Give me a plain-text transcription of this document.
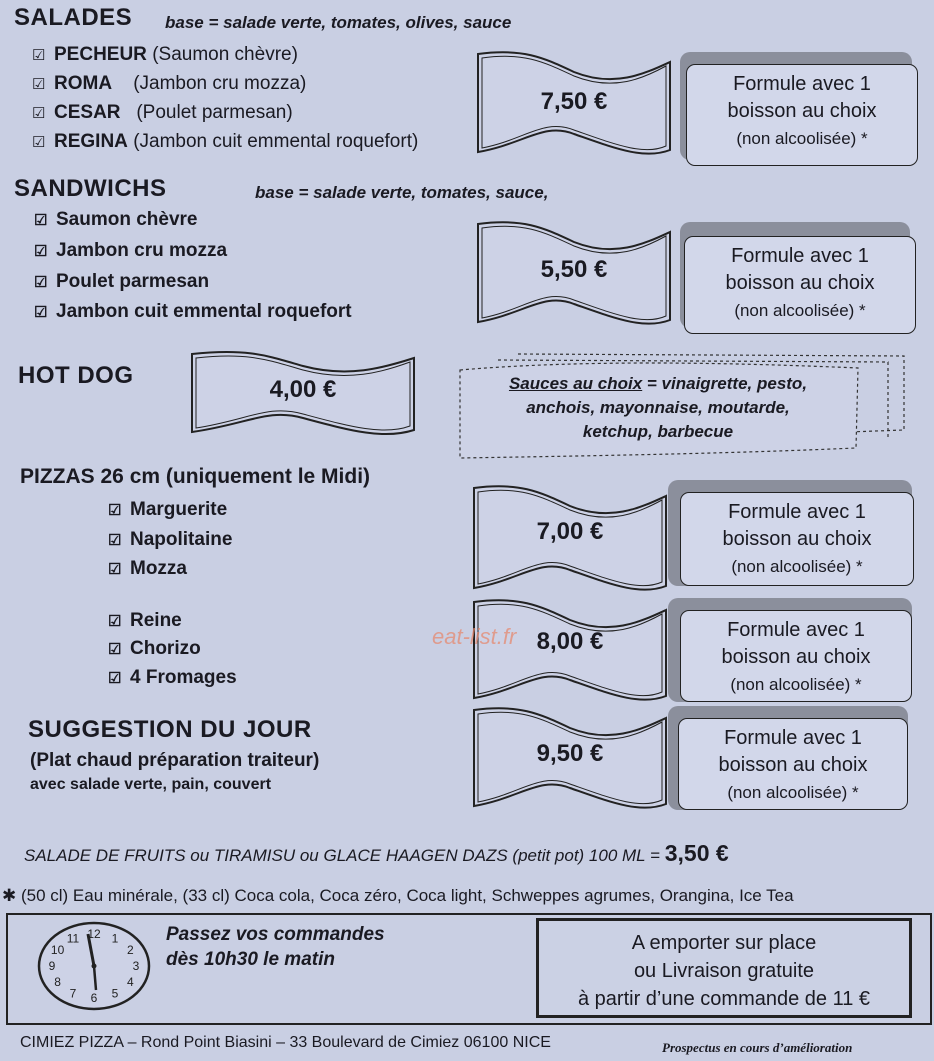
SALADES base = salade verte, tomates, olives, sauce
☑ PECHEUR (Saumon chèvre)
☑ ROMA (Jambon cru mozza)
☑ CESAR (Poulet parmesan)
☑ REGINA (Jambon cuit emmental roquefort)
7,50 €
Formule avec 1
boisson au choix
(non alcoolisée) *
SANDWICHS	base = salade verte, tomates, sauce,
☑ Saumon chèvre
☑ Jambon cru mozza
☑ Poulet parmesan
☑ Jambon cuit emmental roquefort
5,50 €	Formule avec 1
boisson au choix
(non alcoolisée) *
HOT DOG
4,00 €	Sauces au choix = vinaigrette, pesto,
anchois, mayonnaise, moutarde,
ketchup, barbecue
PIZZAS 26 cm (uniquement le Midi)
☑ Marguerite
☑ Napolitaine
☑ Mozza
☑ Reine
☑ Chorizo
☑ 4 Fromages
7,00 €
Formule avec 1
boisson au choix
(non alcoolisée) *
8,00 €	Formule avec 1
boisson au choix
(non alcoolisée) *
eat-list.fr
SUGGESTION DU JOUR
(Plat chaud préparation traiteur)
avec salade verte, pain, couvert
9,50 €
Formule avec 1
boisson au choix
(non alcoolisée) *
SALADE DE FRUITS ou TIRAMISU ou GLACE HAAGEN DAZS (petit pot) 100 ML = 3,50 €
✱ (50 cl) Eau minérale, (33 cl) Coca cola, Coca zéro, Coca light, Schweppes agrumes, Orangina, Ice Tea
12 1
2
3
4
5
6
7
8
9
10
11	Passez vos commandes
dès 10h30 le matin
A emporter sur place
ou Livraison gratuite
à partir d’une commande de 11 €
CIMIEZ PIZZA – Rond Point Biasini – 33 Boulevard de Cimiez 06100 NICE	Prospectus en cours d’amélioration
